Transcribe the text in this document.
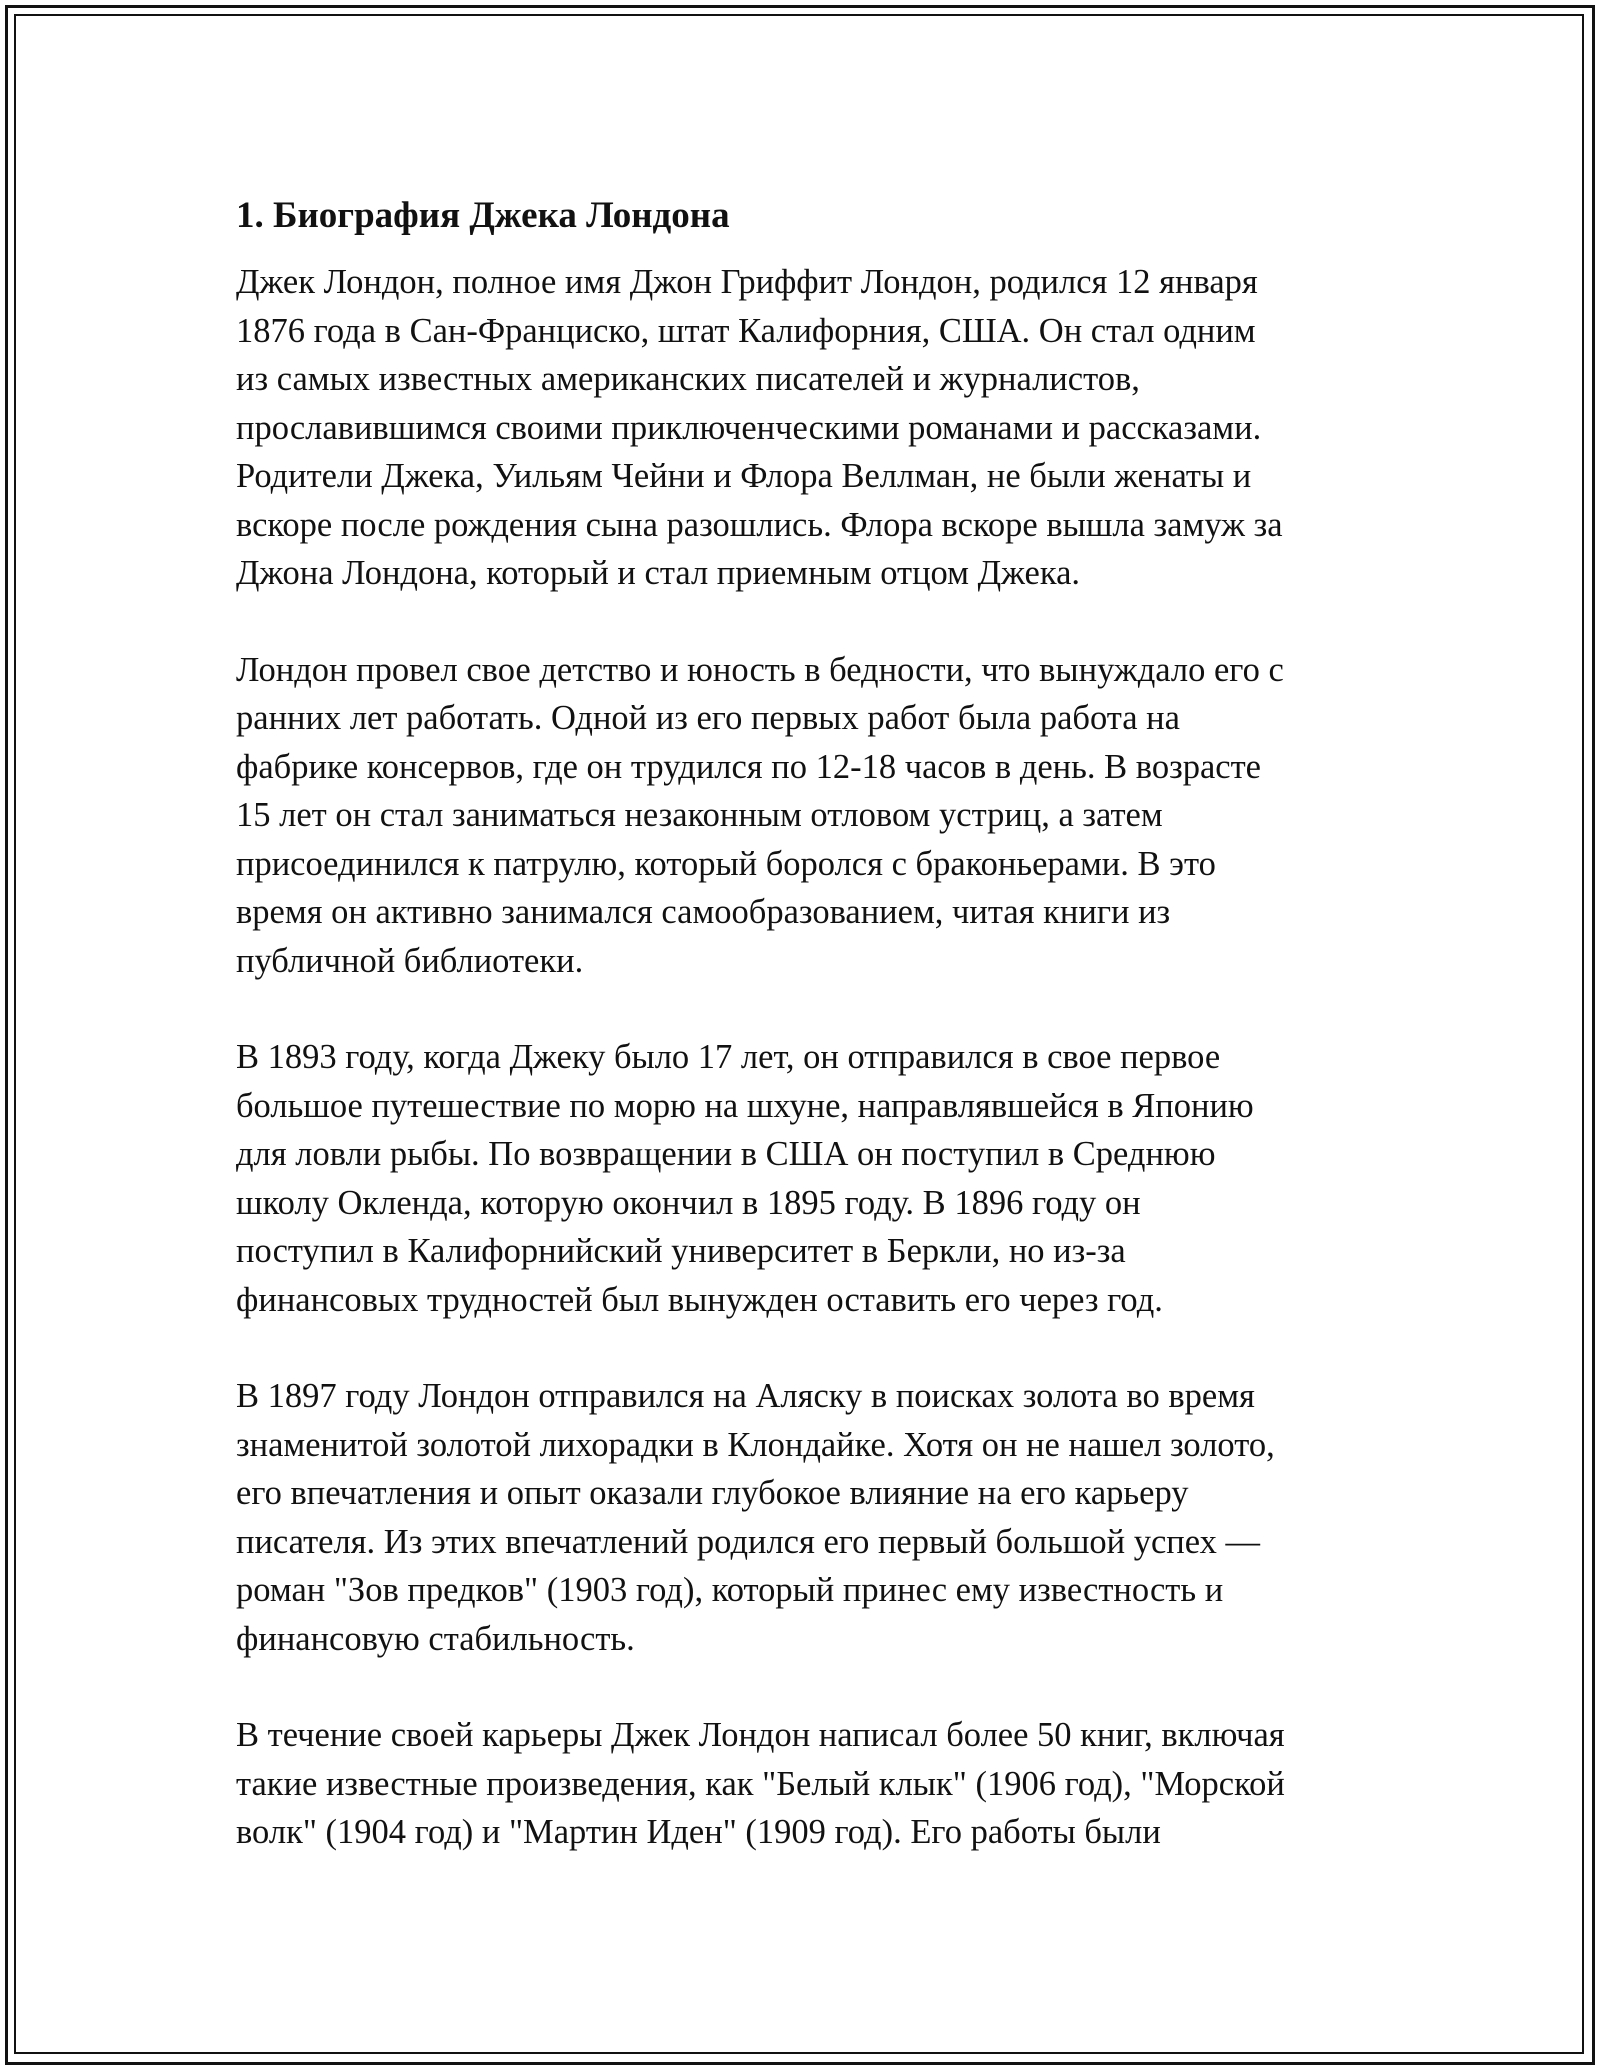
1. Биография Джека Лондона

Джек Лондон, полное имя Джон Гриффит Лондон, родился 12 января
1876 года в Сан-Франциско, штат Калифорния, США. Он стал одним
из самых известных американских писателей и журналистов,
прославившимся своими приключенческими романами и рассказами.
Родители Джека, Уильям Чейни и Флора Веллман, не были женаты и
вскоре после рождения сына разошлись. Флора вскоре вышла замуж за
Джона Лондона, который и стал приемным отцом Джека.

Лондон провел свое детство и юность в бедности, что вынуждало его с
ранних лет работать. Одной из его первых работ была работа на
фабрике консервов, где он трудился по 12-18 часов в день. В возрасте
15 лет он стал заниматься незаконным отловом устриц, а затем
присоединился к патрулю, который боролся с браконьерами. В это
время он активно занимался самообразованием, читая книги из
публичной библиотеки.

В 1893 году, когда Джеку было 17 лет, он отправился в свое первое
большое путешествие по морю на шхуне, направлявшейся в Японию
для ловли рыбы. По возвращении в США он поступил в Среднюю
школу Окленда, которую окончил в 1895 году. В 1896 году он
поступил в Калифорнийский университет в Беркли, но из-за
финансовых трудностей был вынужден оставить его через год.

В 1897 году Лондон отправился на Аляску в поисках золота во время
знаменитой золотой лихорадки в Клондайке. Хотя он не нашел золото,
его впечатления и опыт оказали глубокое влияние на его карьеру
писателя. Из этих впечатлений родился его первый большой успех —
роман "Зов предков" (1903 год), который принес ему известность и
финансовую стабильность.

В течение своей карьеры Джек Лондон написал более 50 книг, включая
такие известные произведения, как "Белый клык" (1906 год), "Морской
волк" (1904 год) и "Мартин Иден" (1909 год). Его работы были
